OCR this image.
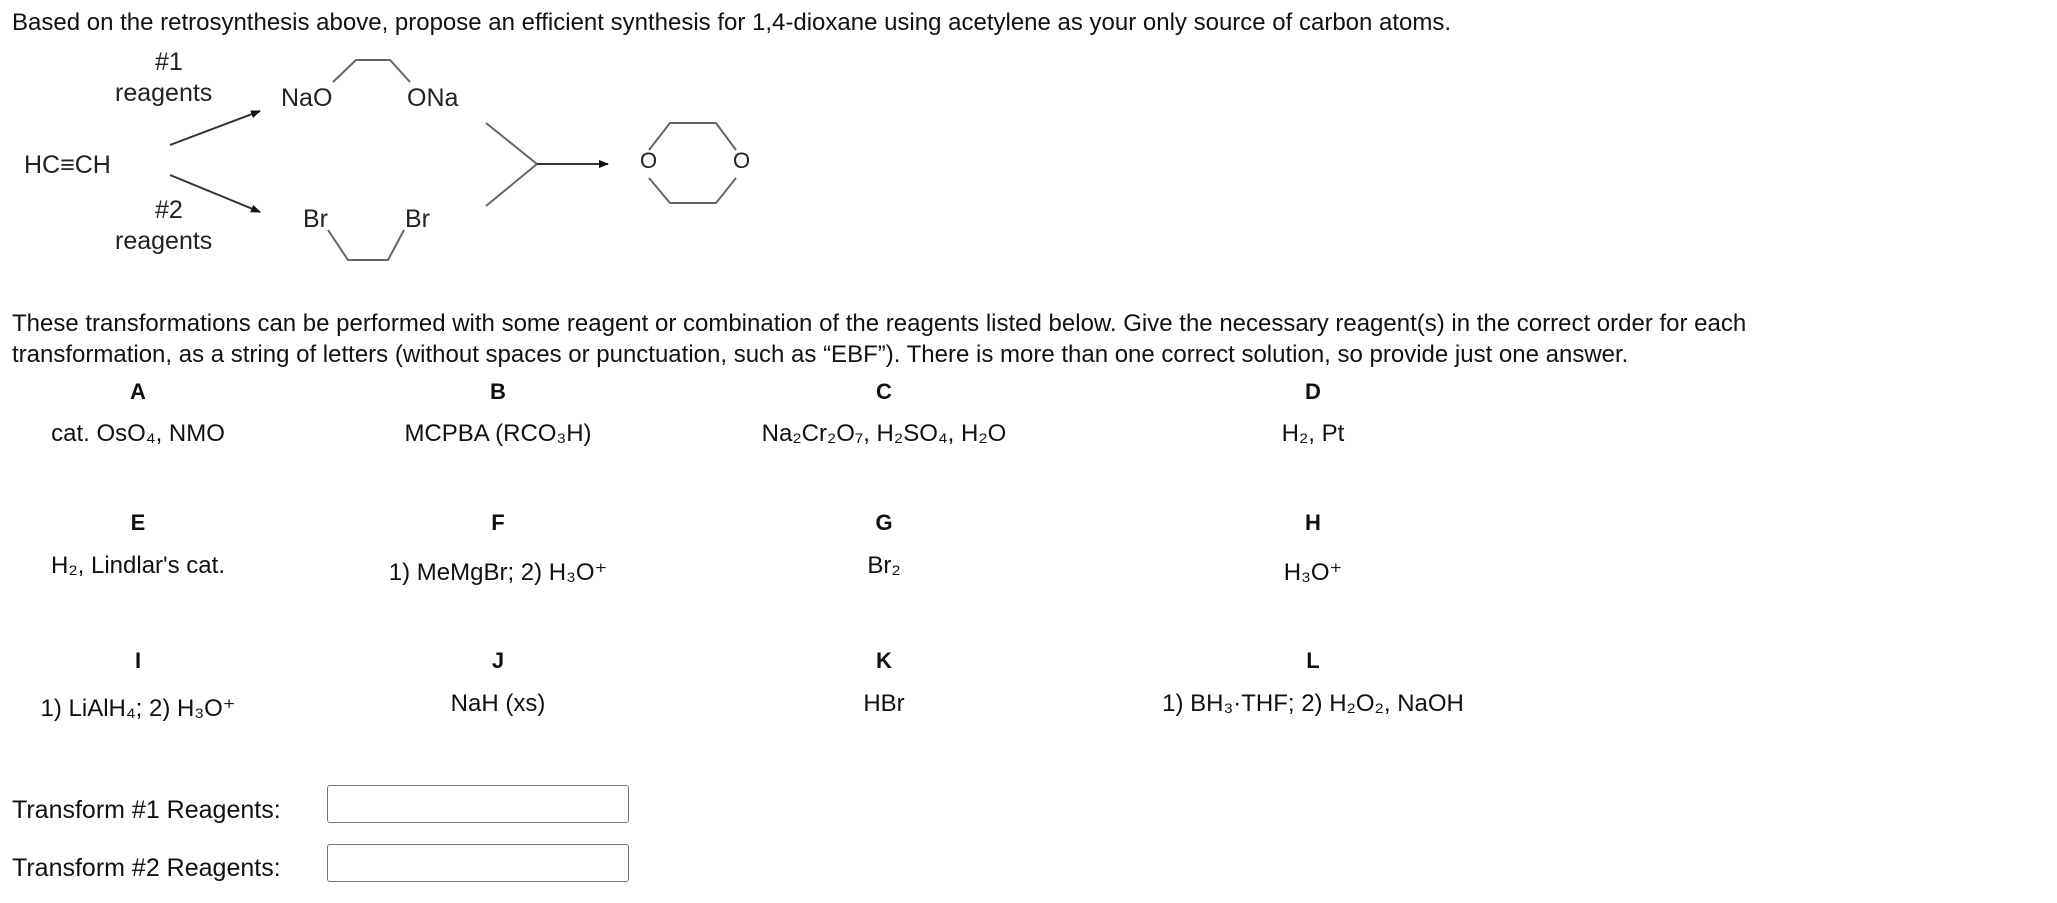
Based on the retrosynthesis above, propose an efficient synthesis for 1,4-dioxane using acetylene as your only source of carbon atoms.
HC≡CH
#1
reagents
#2
reagents
NaO	ONa
Br	Br
O	O
These transformations can be performed with some reagent or combination of the reagents listed below. Give the necessary reagent(s) in the correct order for each
transformation, as a string of letters (without spaces or punctuation, such as “EBF”). There is more than one correct solution, so provide just one answer.
A
cat. OsO₄, NMO
B
MCPBA (RCO₃H)
C
Na₂Cr₂O₇, H₂SO₄, H₂O
D
H₂, Pt
E
H₂, Lindlar's cat.
F
1) MeMgBr; 2) H₃O⁺
G
Br₂
H
H₃O⁺
I
1) LiAlH₄; 2) H₃O⁺
J
NaH (xs)
K
HBr
L
1) BH₃·THF; 2) H₂O₂, NaOH
Transform #1 Reagents:
Transform #2 Reagents:
